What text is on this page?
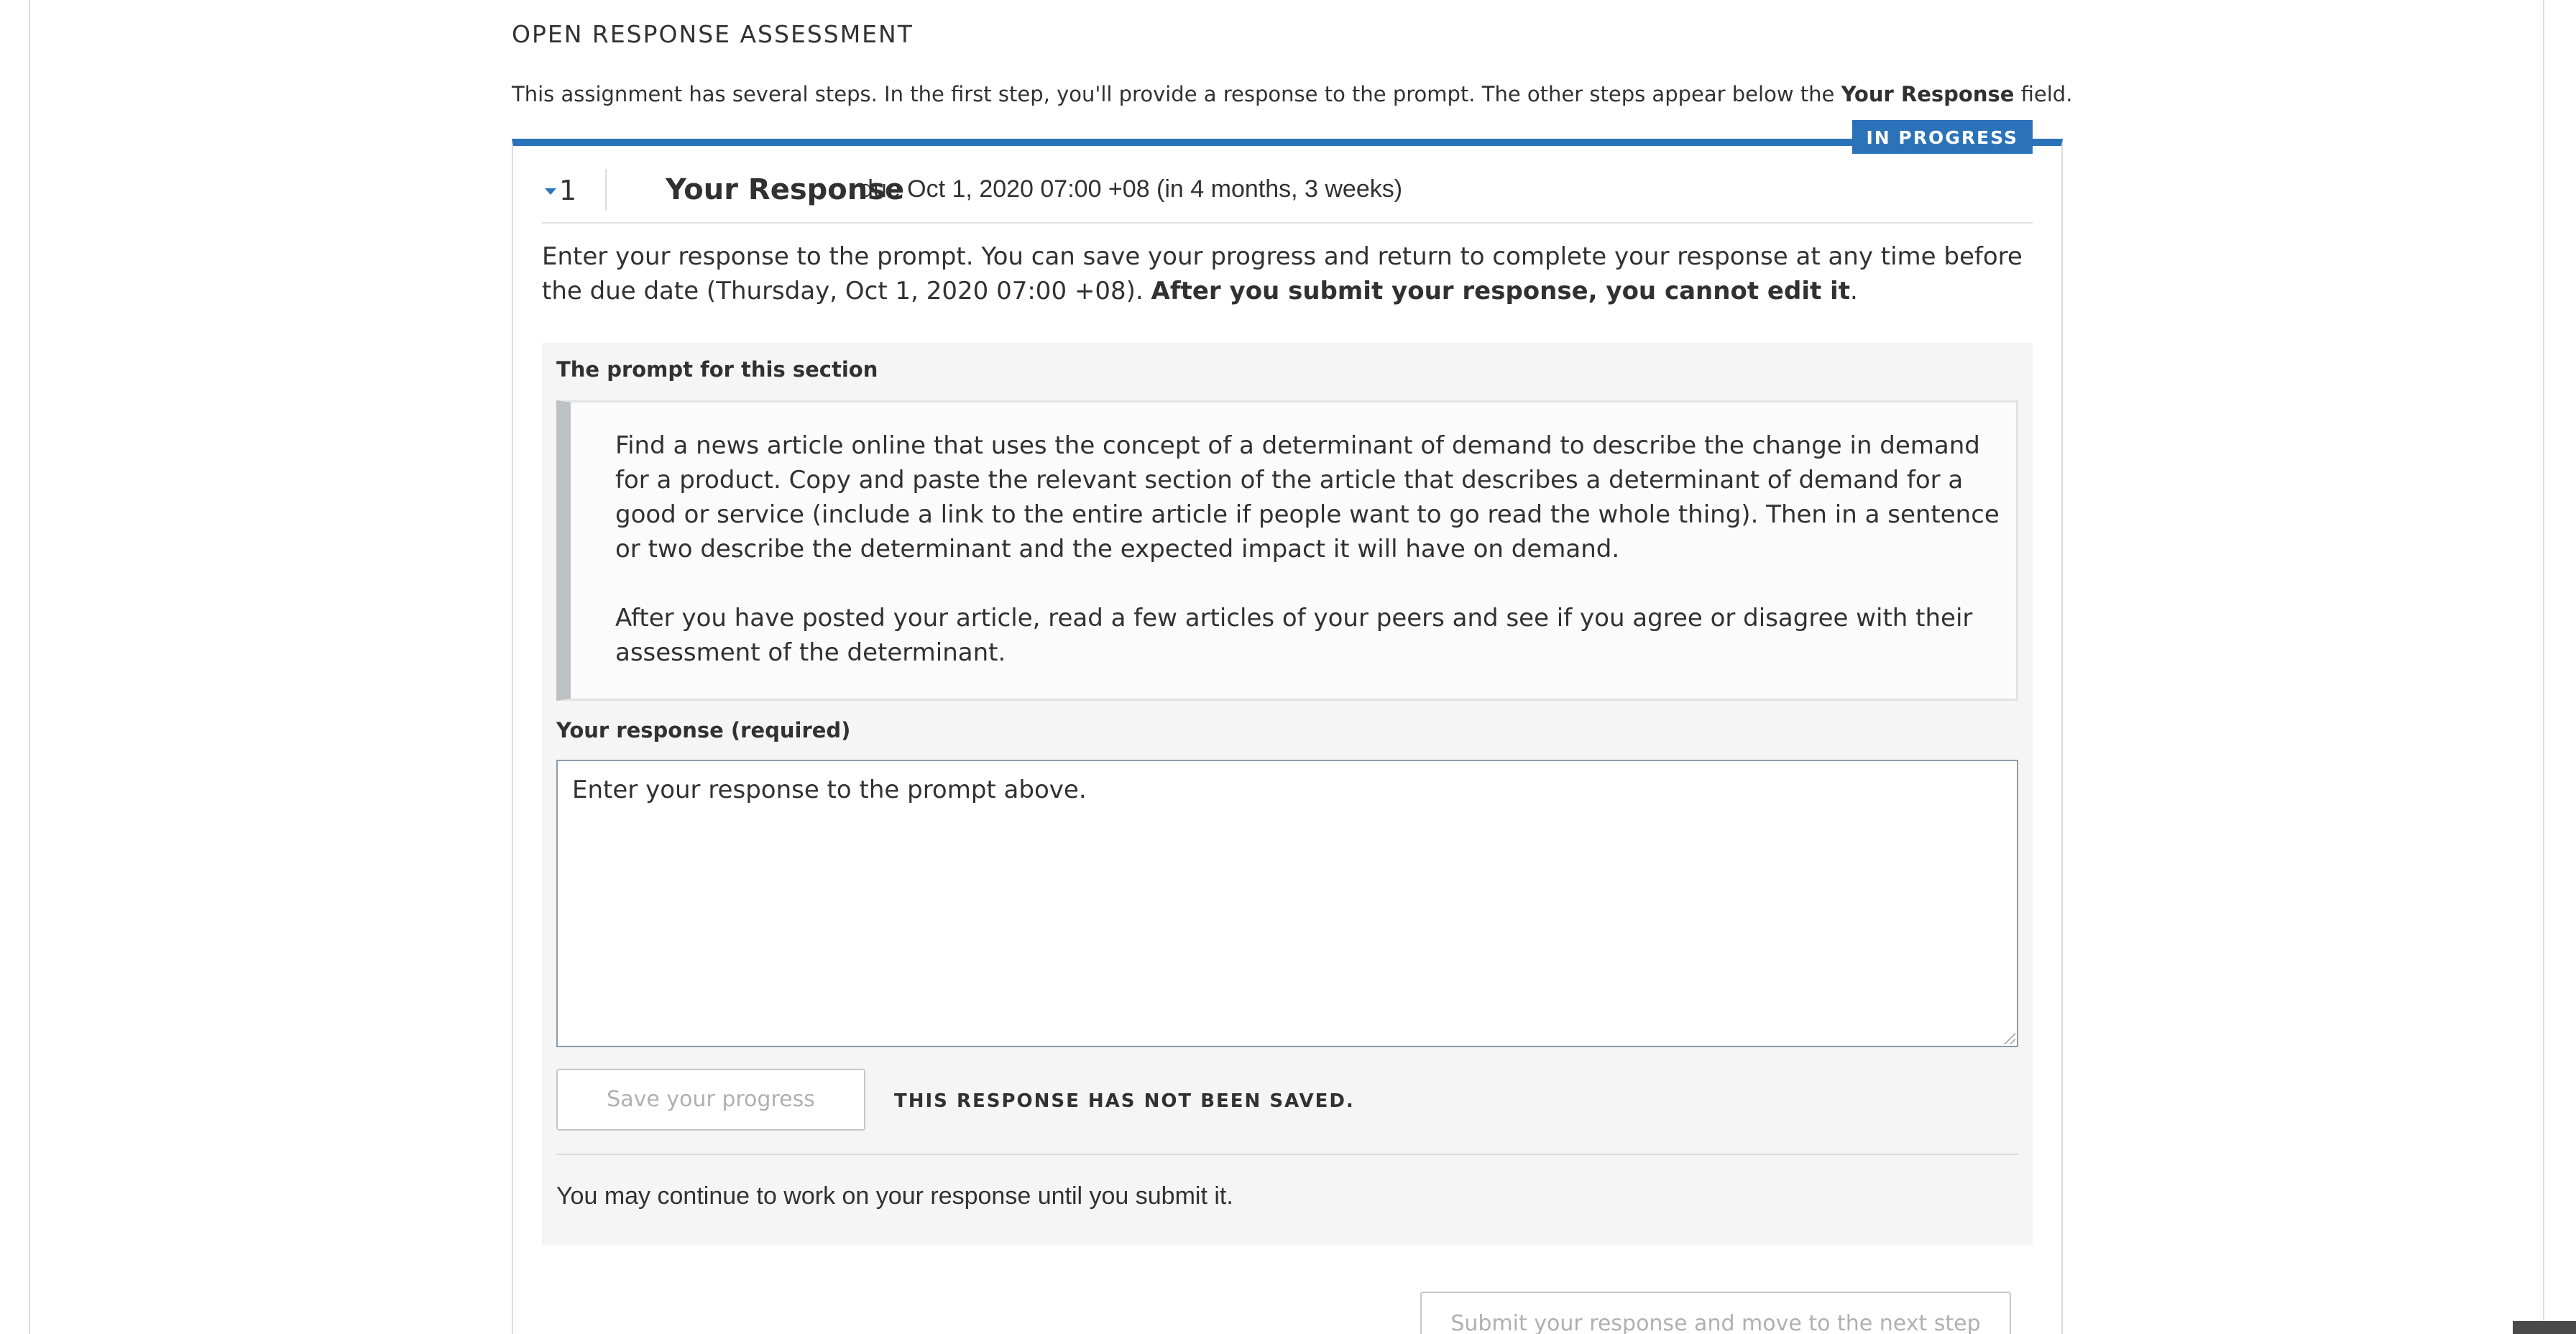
OPEN RESPONSE ASSESSMENT
This assignment has several steps. In the first step, you'll provide a response to the prompt. The other steps appear below the Your Response field.
IN PROGRESS
1	Your Response
due Oct 1, 2020 07:00 +08 (in 4 months, 3 weeks)
Enter your response to the prompt. You can save your progress and return to complete your response at any time before the due date (Thursday, Oct 1, 2020 07:00 +08). After you submit your response, you cannot edit it.
The prompt for this section
Find a news article online that uses the concept of a determinant of demand to describe the change in demand for a product. Copy and paste the relevant section of the article that describes a determinant of demand for a good or service (include a link to the entire article if people want to go read the whole thing). Then in a sentence or two describe the determinant and the expected impact it will have on demand.
After you have posted your article, read a few articles of your peers and see if you agree or disagree with their assessment of the determinant.
Your response (required)
Enter your response to the prompt above.
Save your progress	THIS RESPONSE HAS NOT BEEN SAVED.
You may continue to work on your response until you submit it.
Submit your response and move to the next step
